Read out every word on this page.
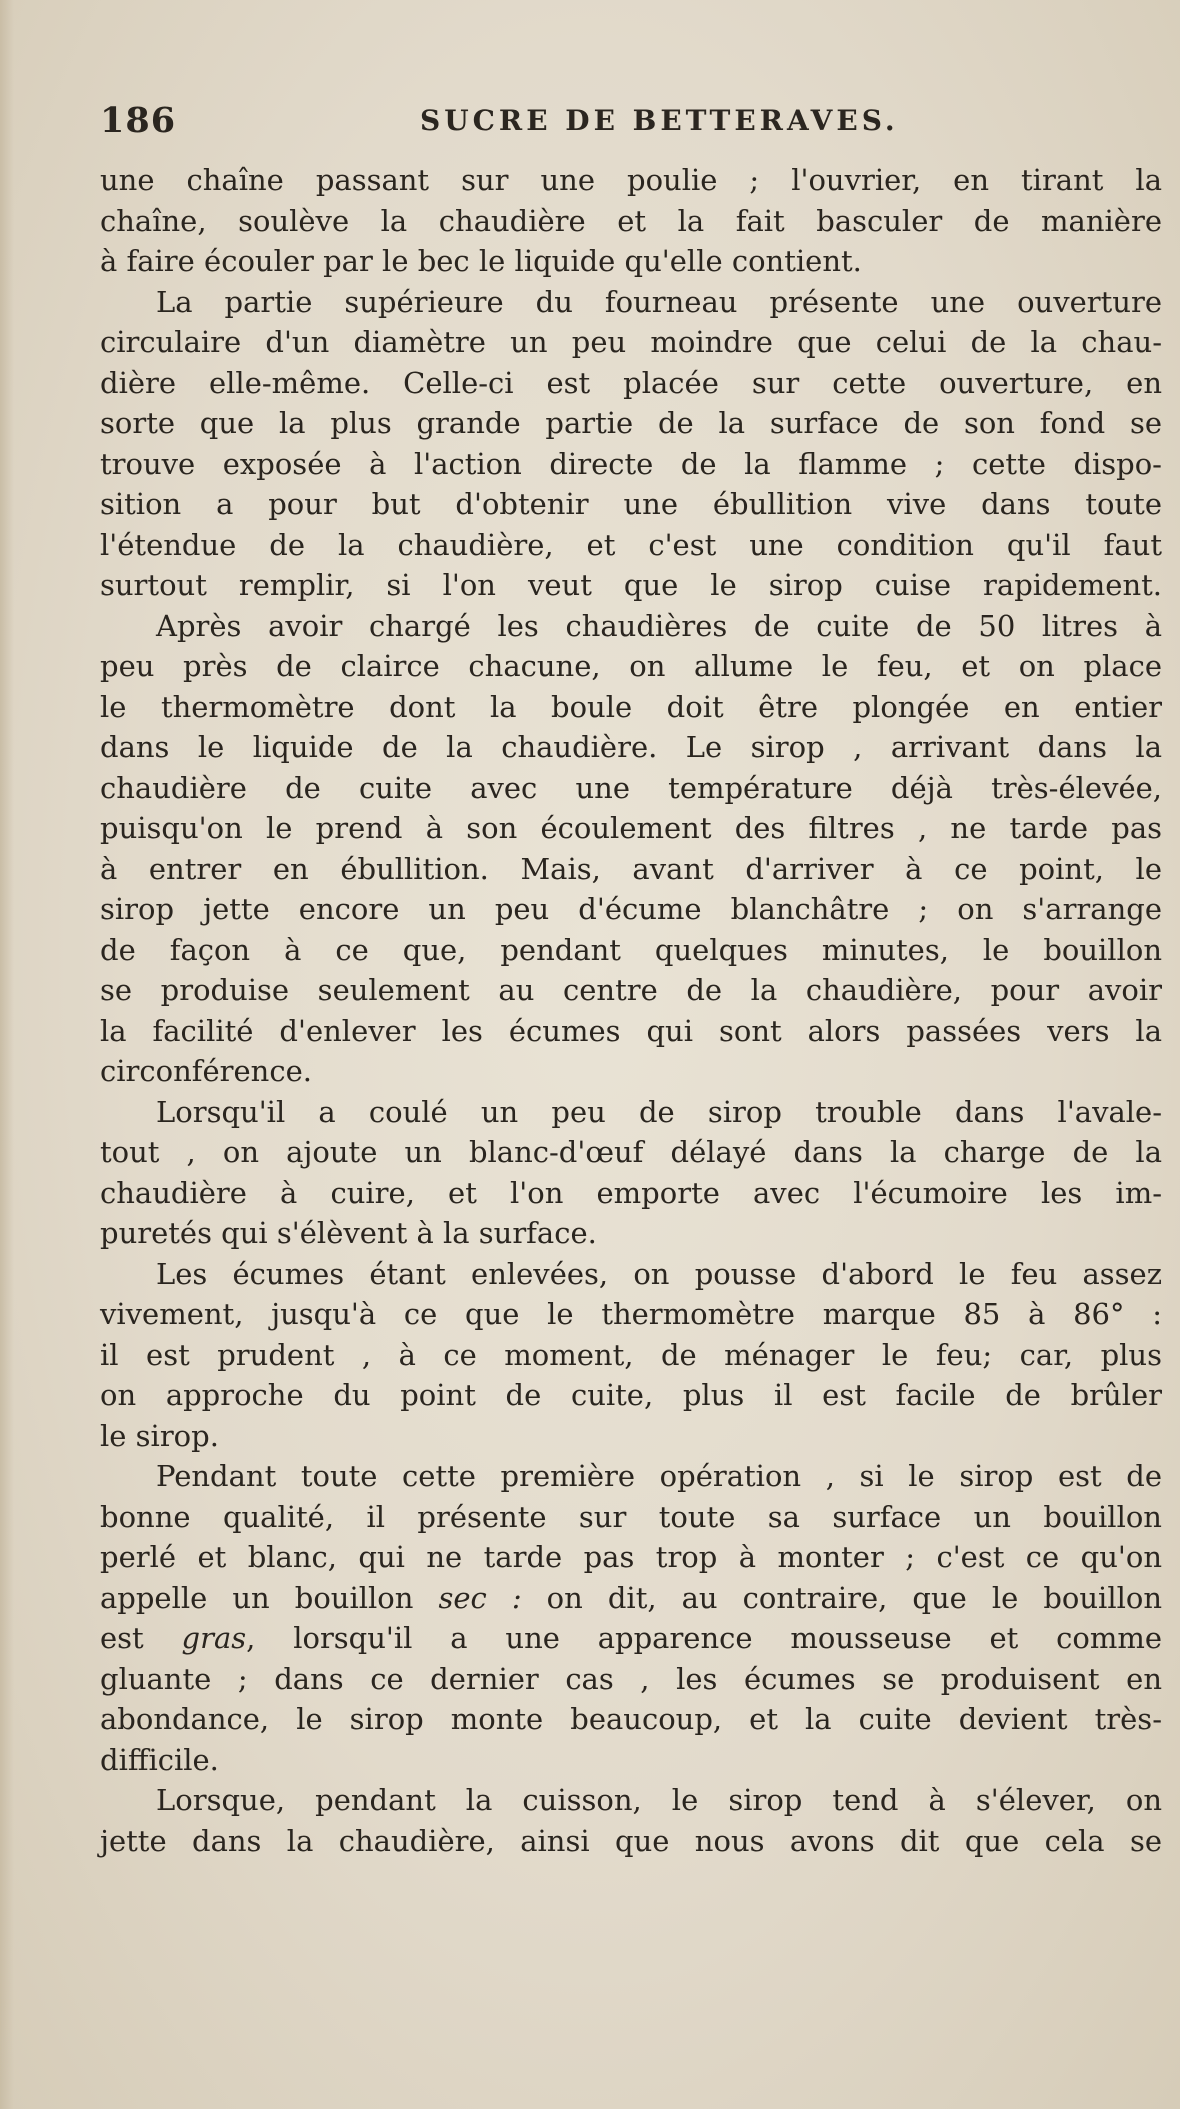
186	SUCRE DE BETTERAVES.
une chaîne passant sur une poulie ; l'ouvrier, en tirant la
chaîne, soulève la chaudière et la fait basculer de manière
à faire écouler par le bec le liquide qu'elle contient.
La partie supérieure du fourneau présente une ouverture
circulaire d'un diamètre un peu moindre que celui de la chau-
dière elle-même. Celle-ci est placée sur cette ouverture, en
sorte que la plus grande partie de la surface de son fond se
trouve exposée à l'action directe de la flamme ; cette dispo-
sition a pour but d'obtenir une ébullition vive dans toute
l'étendue de la chaudière, et c'est une condition qu'il faut
surtout remplir, si l'on veut que le sirop cuise rapidement.
Après avoir chargé les chaudières de cuite de 50 litres à
peu près de clairce chacune, on allume le feu, et on place
le thermomètre dont la boule doit être plongée en entier
dans le liquide de la chaudière. Le sirop , arrivant dans la
chaudière de cuite avec une température déjà très-élevée,
puisqu'on le prend à son écoulement des filtres , ne tarde pas
à entrer en ébullition. Mais, avant d'arriver à ce point, le
sirop jette encore un peu d'écume blanchâtre ; on s'arrange
de façon à ce que, pendant quelques minutes, le bouillon
se produise seulement au centre de la chaudière, pour avoir
la facilité d'enlever les écumes qui sont alors passées vers la
circonférence.
Lorsqu'il a coulé un peu de sirop trouble dans l'avale-
tout , on ajoute un blanc-d'œuf délayé dans la charge de la
chaudière à cuire, et l'on emporte avec l'écumoire les im-
puretés qui s'élèvent à la surface.
Les écumes étant enlevées, on pousse d'abord le feu assez
vivement, jusqu'à ce que le thermomètre marque 85 à 86° :
il est prudent , à ce moment, de ménager le feu; car, plus
on approche du point de cuite, plus il est facile de brûler
le sirop.
Pendant toute cette première opération , si le sirop est de
bonne qualité, il présente sur toute sa surface un bouillon
perlé et blanc, qui ne tarde pas trop à monter ; c'est ce qu'on
appelle un bouillon sec : on dit, au contraire, que le bouillon
est gras, lorsqu'il a une apparence mousseuse et comme
gluante ; dans ce dernier cas , les écumes se produisent en
abondance, le sirop monte beaucoup, et la cuite devient très-
difficile.
Lorsque, pendant la cuisson, le sirop tend à s'élever, on
jette dans la chaudière, ainsi que nous avons dit que cela se
